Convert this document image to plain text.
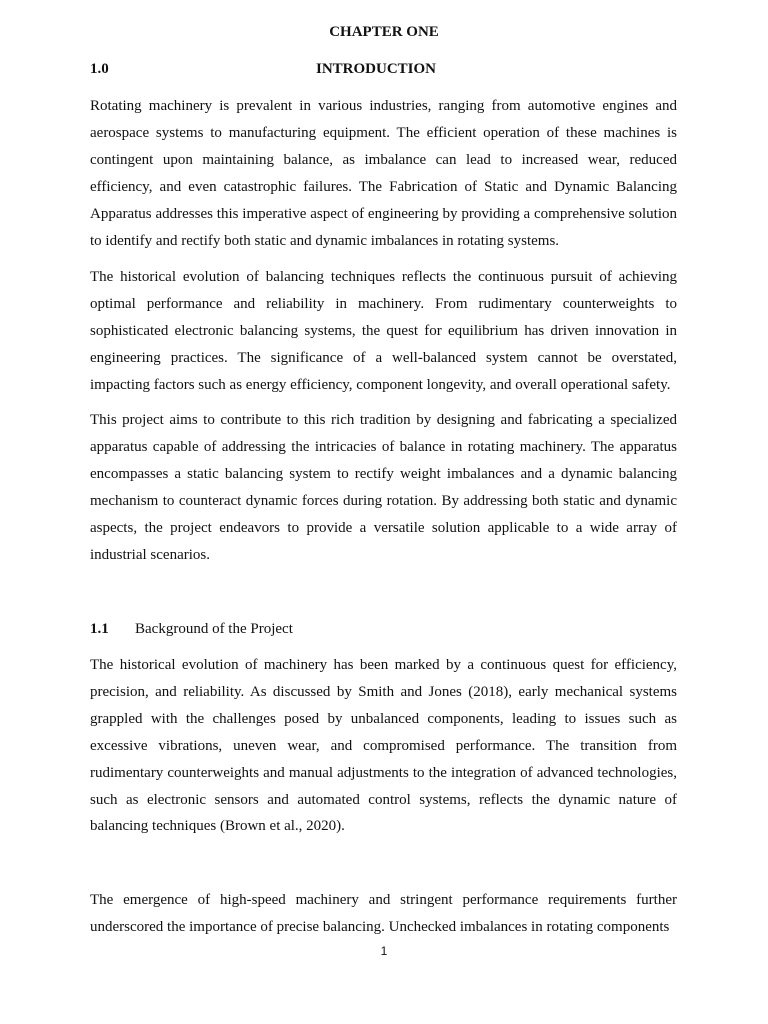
CHAPTER ONE
1.0	INTRODUCTION

Rotating machinery is prevalent in various industries, ranging from automotive engines and aerospace systems to manufacturing equipment. The efficient operation of these machines is contingent upon maintaining balance, as imbalance can lead to increased wear, reduced efficiency, and even catastrophic failures. The Fabrication of Static and Dynamic Balancing Apparatus addresses this imperative aspect of engineering by providing a comprehensive solution to identify and rectify both static and dynamic imbalances in rotating systems.

The historical evolution of balancing techniques reflects the continuous pursuit of achieving optimal performance and reliability in machinery. From rudimentary counterweights to sophisticated electronic balancing systems, the quest for equilibrium has driven innovation in engineering practices. The significance of a well-balanced system cannot be overstated, impacting factors such as energy efficiency, component longevity, and overall operational safety.

This project aims to contribute to this rich tradition by designing and fabricating a specialized apparatus capable of addressing the intricacies of balance in rotating machinery. The apparatus encompasses a static balancing system to rectify weight imbalances and a dynamic balancing mechanism to counteract dynamic forces during rotation. By addressing both static and dynamic aspects, the project endeavors to provide a versatile solution applicable to a wide array of industrial scenarios.

1.1 Background of the Project

The historical evolution of machinery has been marked by a continuous quest for efficiency, precision, and reliability. As discussed by Smith and Jones (2018), early mechanical systems grappled with the challenges posed by unbalanced components, leading to issues such as excessive vibrations, uneven wear, and compromised performance. The transition from rudimentary counterweights and manual adjustments to the integration of advanced technologies, such as electronic sensors and automated control systems, reflects the dynamic nature of balancing techniques (Brown et al., 2020).

The emergence of high-speed machinery and stringent performance requirements further underscored the importance of precise balancing. Unchecked imbalances in rotating components

1
